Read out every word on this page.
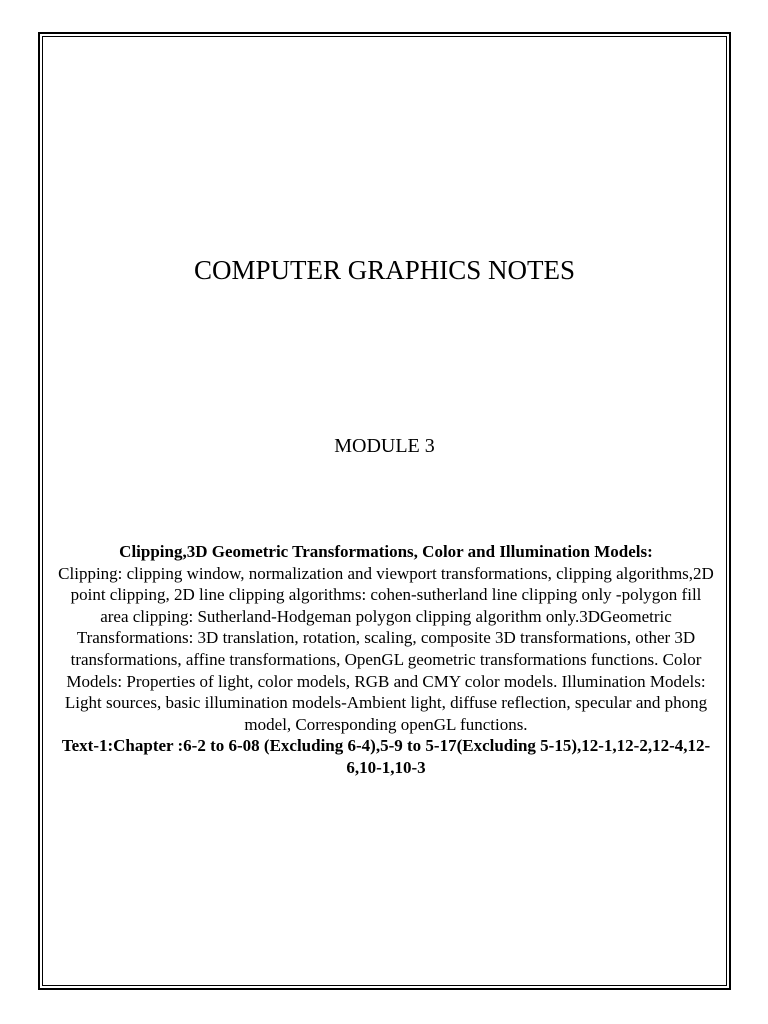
COMPUTER GRAPHICS NOTES
MODULE 3

Clipping,3D Geometric Transformations, Color and Illumination Models:

Clipping: clipping window, normalization and viewport transformations, clipping algorithms,2D point clipping, 2D line clipping algorithms: cohen-sutherland line clipping only -polygon fill area clipping: Sutherland-Hodgeman polygon clipping algorithm only.3DGeometric Transformations: 3D translation, rotation, scaling, composite 3D transformations, other 3D transformations, affine transformations, OpenGL geometric transformations functions. Color Models: Properties of light, color models, RGB and CMY color models. Illumination Models: Light sources, basic illumination models-Ambient light, diffuse reflection, specular and phong model, Corresponding openGL functions.

Text-1:Chapter :6-2 to 6-08 (Excluding 6-4),5-9 to 5-17(Excluding 5-15),12-1,12-2,12-4,12-6,10-1,10-3
